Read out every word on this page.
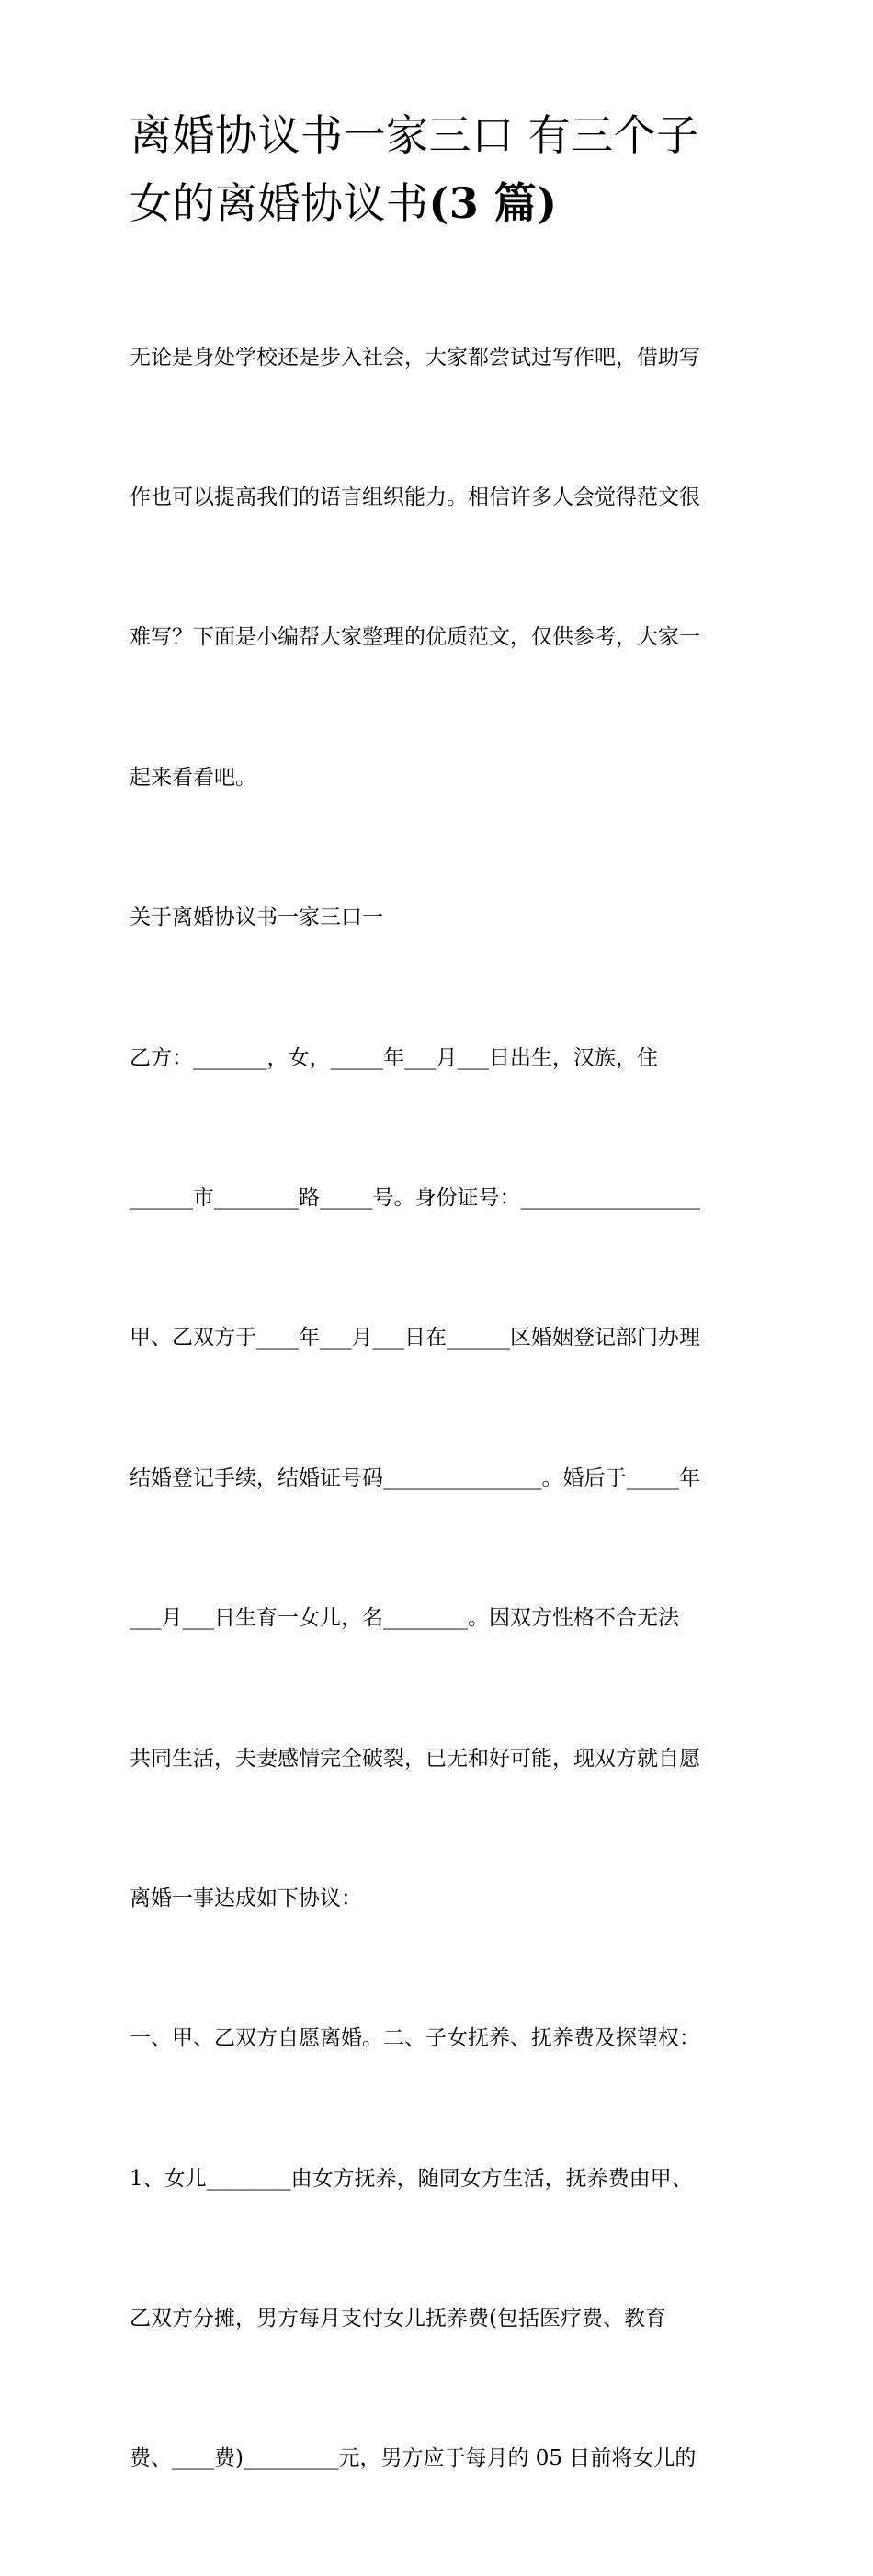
离婚协议书一家三口 有三个子
女的离婚协议书(3 篇)

无论是身处学校还是步入社会，大家都尝试过写作吧，借助写

作也可以提高我们的语言组织能力。相信许多人会觉得范文很

难写？下面是小编帮大家整理的优质范文，仅供参考，大家一

起来看看吧。

关于离婚协议书一家三口一

乙方：_______，女，_____年___月___日出生，汉族，住

______市________路_____号。身份证号：_________________

甲、乙双方于____年___月___日在______区婚姻登记部门办理

结婚登记手续，结婚证号码_______________。婚后于_____年

___月___日生育一女儿，名________。因双方性格不合无法

共同生活，夫妻感情完全破裂，已无和好可能，现双方就自愿

离婚一事达成如下协议：

一、甲、乙双方自愿离婚。二、子女抚养、抚养费及探望权：

1、女儿________由女方抚养，随同女方生活，抚养费由甲、

乙双方分摊，男方每月支付女儿抚养费(包括医疗费、教育

费、____费)_________元，男方应于每月的 05 日前将女儿的
